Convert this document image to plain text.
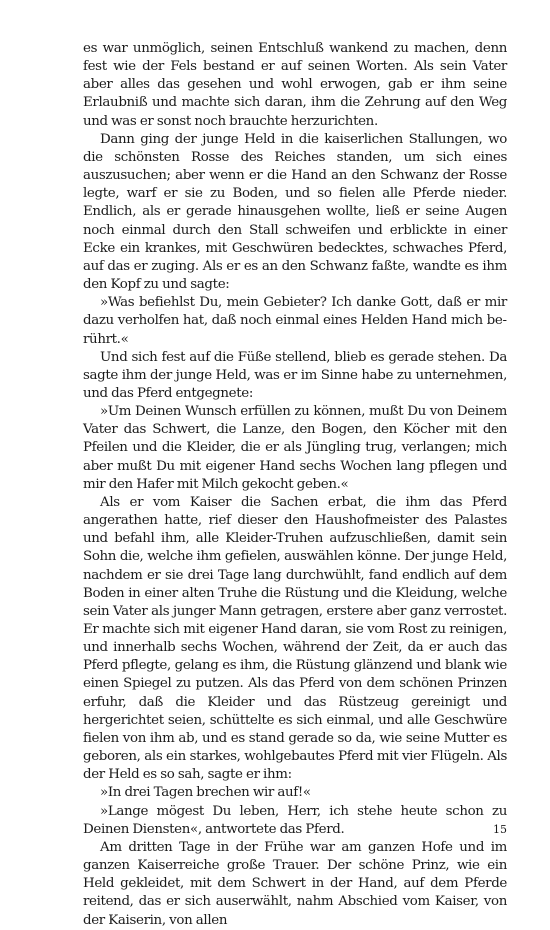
es war unmöglich, seinen Entschluß wankend zu machen, denn fest wie der Fels bestand er auf seinen Worten. Als sein Vater aber alles das gesehen und wohl erwogen, gab er ihm seine Erlaubniß und machte sich daran, ihm die Zehrung auf den Weg und was er sonst noch brauchte herzurichten.

Dann ging der junge Held in die kaiserlichen Stallungen, wo die schönsten Rosse des Reiches standen, um sich eines auszusuchen; aber wenn er die Hand an den Schwanz der Rosse legte, warf er sie zu Boden, und so fielen alle Pferde nieder. Endlich, als er gerade hinausgehen wollte, ließ er seine Augen noch einmal durch den Stall schweifen und erblickte in einer Ecke ein krankes, mit Geschwüren bedecktes, schwaches Pferd, auf das er zuging. Als er es an den Schwanz faßte, wandte es ihm den Kopf zu und sagte:

»Was befiehlst Du, mein Gebieter? Ich danke Gott, daß er mir dazu verholfen hat, daß noch einmal eines Helden Hand mich berührt.«

Und sich fest auf die Füße stellend, blieb es gerade stehen. Da sagte ihm der junge Held, was er im Sinne habe zu unternehmen, und das Pferd entgegnete:

»Um Deinen Wunsch erfüllen zu können, mußt Du von Deinem Vater das Schwert, die Lanze, den Bogen, den Köcher mit den Pfeilen und die Kleider, die er als Jüngling trug, verlangen; mich aber mußt Du mit eigener Hand sechs Wochen lang pflegen und mir den Hafer mit Milch gekocht geben.«

Als er vom Kaiser die Sachen erbat, die ihm das Pferd angerathen hatte, rief dieser den Haushofmeister des Palastes und befahl ihm, alle Kleider-Truhen aufzuschließen, damit sein Sohn die, welche ihm gefielen, auswählen könne. Der junge Held, nachdem er sie drei Tage lang durchwühlt, fand endlich auf dem Boden in einer alten Truhe die Rüstung und die Kleidung, welche sein Vater als junger Mann getragen, erstere aber ganz verrostet. Er machte sich mit eigener Hand daran, sie vom Rost zu reinigen, und innerhalb sechs Wochen, während der Zeit, da er auch das Pferd pflegte, gelang es ihm, die Rüstung glänzend und blank wie einen Spiegel zu putzen. Als das Pferd von dem schönen Prinzen erfuhr, daß die Kleider und das Rüstzeug gereinigt und hergerichtet seien, schüttelte es sich einmal, und alle Geschwüre fielen von ihm ab, und es stand gerade so da, wie seine Mutter es geboren, als ein starkes, wohlgebautes Pferd mit vier Flügeln. Als der Held es so sah, sagte er ihm:

»In drei Tagen brechen wir auf!«

»Lange mögest Du leben, Herr, ich stehe heute schon zu Deinen Diensten«, antwortete das Pferd.

Am dritten Tage in der Frühe war am ganzen Hofe und im ganzen Kaiserreiche große Trauer. Der schöne Prinz, wie ein Held gekleidet, mit dem Schwert in der Hand, auf dem Pferde reitend, das er sich auserwählt, nahm Abschied vom Kaiser, von der Kaiserin, von allen

15
